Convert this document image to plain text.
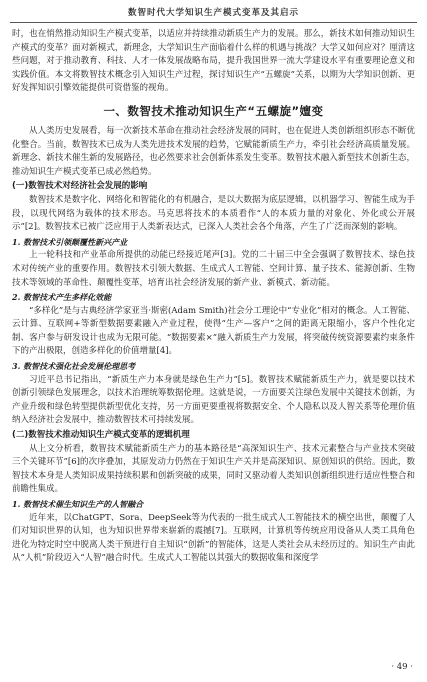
数智时代大学知识生产模式变革及其启示

时，也在悄然推动知识生产模式变革，以适应并持续推动新质生产力的发展。那么，新技术如何推动知识生产模式的变革？面对新模式，新理念，大学知识生产面临着什么样的机遇与挑战？大学又如何应对？厘清这些问题，对于推动教育、科技、人才一体发展战略布局，提升我国世界一流大学建设水平有重要理论意义和实践价值。本文将数智技术概念引入知识生产过程，探讨知识生产“五螺旋”关系，以期为大学知识创新、更好发挥知识引擎效能提供可资借鉴的视角。

一、数智技术推动知识生产“五螺旋”嬗变

从人类历史发展看，每一次新技术革命在推动社会经济发展的同时，也在促进人类创新组织形态不断优化整合。当前，数智技术已成为人类先进技术发展的趋势，它赋能新质生产力，牵引社会经济高质量发展。新理念、新技术催生新的发展路径，也必然要求社会创新体系发生变革。数智技术融入新型技术创新生态，推动知识生产模式变革已成必然趋势。

(一)数智技术对经济社会发展的影响

数智技术是数字化、网络化和智能化的有机融合，是以大数据为底层逻辑，以机器学习、智能生成为手段，以现代网络为载体的技术形态。马克思将技术的本质看作“人的本质力量的对象化、外化或公开展示”[2]。数智技术已被广泛应用于人类新表达式，已深入人类社会各个角落，产生了广泛而深刻的影响。

1. 数智技术引领颠覆性新兴产业

上一轮科技和产业革命所提供的动能已经接近尾声[3]。党的二十届三中全会强调了数智技术、绿色技术对传统产业的重要作用。数智技术引领大数据、生成式人工智能、空间计算、量子技术、能源创新、生物技术等领域的革命性、颠覆性变革，培育出社会经济发展的新产业、新模式、新动能。

2. 数智技术产生多样化效能

“多样化”是与古典经济学家亚当·斯密(Adam Smith)社会分工理论中“专业化”相对的概念。人工智能、云计算、互联网+等新型数据要素融入产业过程，使得“生产—客户”之间的距离无限缩小，客户个性化定制、客户参与研发设计也成为无限可能。“数据要素×”融入新质生产力发展，将突破传统资源要素约束条件下的产出极限，创造多样化的价值增量[4]。

3. 数智技术强化社会发展伦理思考

习近平总书记指出，“新质生产力本身就是绿色生产力”[5]。数智技术赋能新质生产力，就是要以技术创新引领绿色发展理念，以技术治理统筹数据伦理。这就是说，一方面要关注绿色发展中关键技术创新，为产业升级和绿色转型提供新型优化支持，另一方面更要重视将数据安全、个人隐私以及人智关系等伦理价值纳入经济社会发展中，推动数智技术可持续发展。

(二)数智技术推动知识生产模式变革的逻辑机理

从上文分析看，数智技术赋能新质生产力的基本路径是“高深知识生产、技术元素整合与产业技术突破三个关键环节”[6]的次序叠加，其原发动力仍然在于知识生产关并是高深知识、原创知识的供给。因此，数智技术本身是人类知识成果持续积累和创新突破的成果，同时又驱动着人类知识创新组织进行适应性整合和前瞻性集成。

1. 数智技术催生知识生产的人智融合

近年来，以ChatGPT、Sora、DeepSeek等为代表的一批生成式人工智能技术的横空出世，颠覆了人们对知识世界的认知，也为知识世界带来崭新的震撼[7]。互联网，计算机等传统应用设备从人类工具角色进化为特定时空中脱离人类干预进行自主知识“创新”的智能体，这是人类社会从未经历过的。知识生产由此从“人机”阶段迈入“人智”融合时代。生成式人工智能以其强大的数据收集和深度学

· 49 ·
